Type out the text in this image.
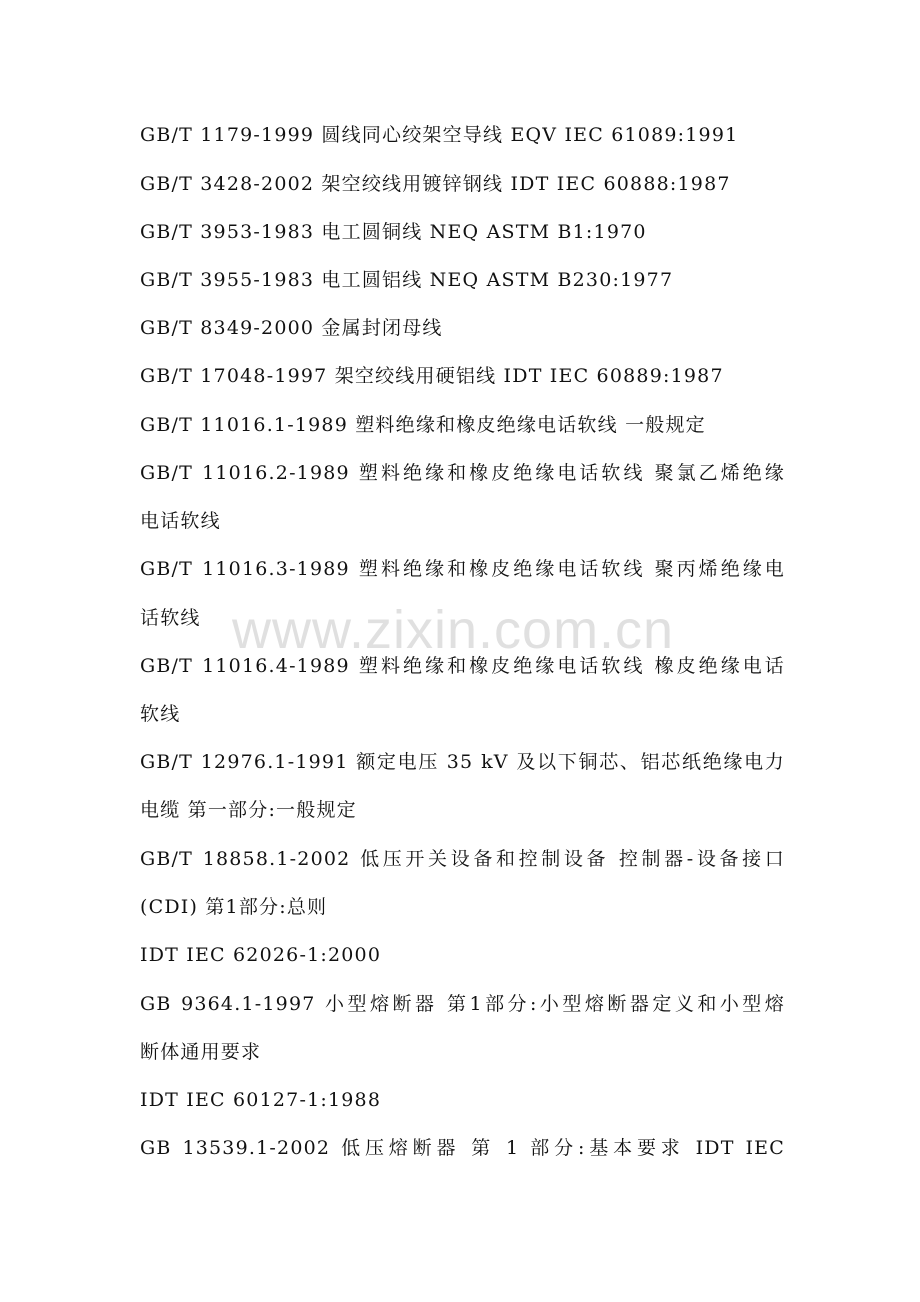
GB/T 1179-1999 圆线同心绞架空导线 EQV IEC 61089:1991
GB/T 3428-2002 架空绞线用镀锌钢线 IDT IEC 60888:1987
GB/T 3953-1983 电工圆铜线 NEQ ASTM B1:1970
GB/T 3955-1983 电工圆铝线 NEQ ASTM B230:1977
GB/T 8349-2000 金属封闭母线
GB/T 17048-1997 架空绞线用硬铝线 IDT IEC 60889:1987
GB/T 11016.1-1989 塑料绝缘和橡皮绝缘电话软线 一般规定
GB/T 11016.2-1989 塑料绝缘和橡皮绝缘电话软线 聚氯乙烯绝缘
电话软线
GB/T 11016.3-1989 塑料绝缘和橡皮绝缘电话软线 聚丙烯绝缘电
话软线
GB/T 11016.4-1989 塑料绝缘和橡皮绝缘电话软线 橡皮绝缘电话
软线
GB/T 12976.1-1991 额定电压 35 kV 及以下铜芯、铝芯纸绝缘电力
电缆 第一部分:一般规定
GB/T 18858.1-2002 低压开关设备和控制设备 控制器-设备接口
(CDI) 第1部分:总则
IDT IEC 62026-1:2000
GB 9364.1-1997 小型熔断器 第1部分:小型熔断器定义和小型熔
断体通用要求
IDT IEC 60127-1:1988
GB 13539.1-2002 低压熔断器 第 1 部分:基本要求 IDT IEC
www.zixin.com.cn
